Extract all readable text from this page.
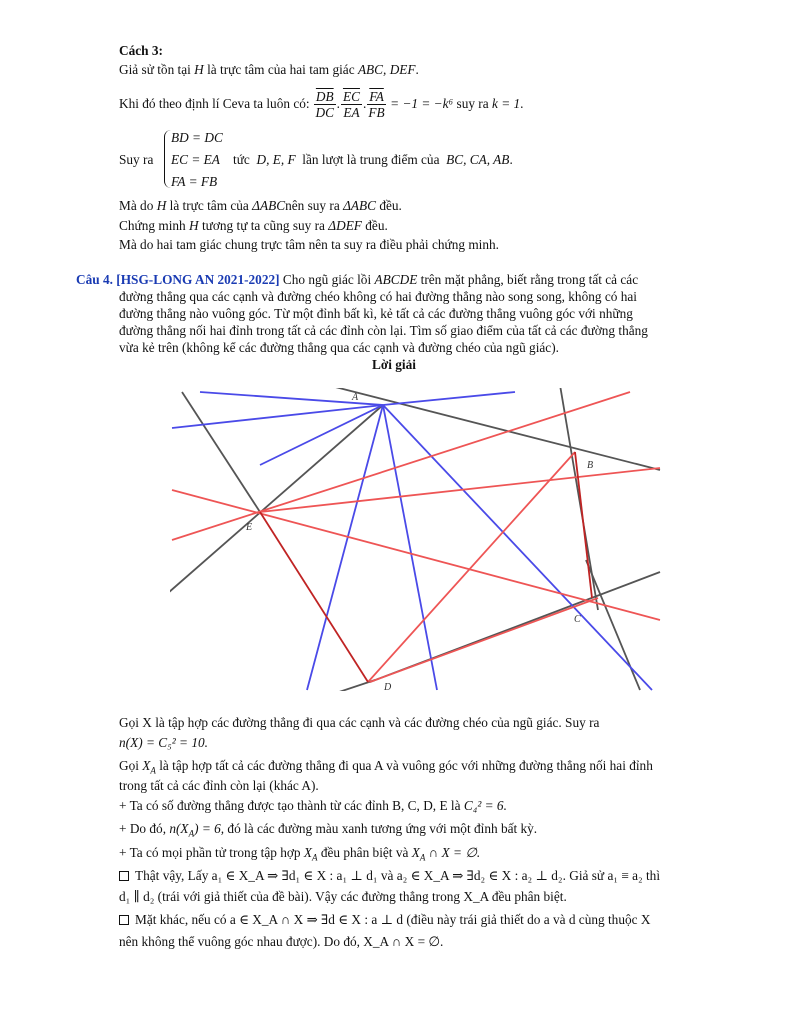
Cách 3:
Giả sử tồn tại H là trực tâm của hai tam giác ABC, DEF.
Khi đó theo định lí Ceva ta luôn có: $\frac{\overline{DB}}{DC}$ . $\frac{\overline{EC}}{EA}$ . $\frac{\overline{FA}}{FB} = -1 = -k^6$ suy ra k = 1.
Suy ra
BD = DC
EC = EA
FA = FB
tức D, E, F lần lượt là trung điểm của BC, CA, AB.
Mà do H là trực tâm của ΔABCnên suy ra ΔABC đều.
Chứng minh H tương tự ta cũng suy ra ΔDEF đều.
Mà do hai tam giác chung trực tâm nên ta suy ra điều phải chứng minh.
Câu 4. [HSG-LONG AN 2021-2022] Cho ngũ giác lồi ABCDE trên mặt phẳng, biết rằng trong tất cả các
đường thẳng qua các cạnh và đường chéo không có hai đường thẳng nào song song, không có hai
đường thẳng nào vuông góc. Từ một đỉnh bất kì, kẻ tất cả các đường thẳng vuông góc với những
đường thẳng nối hai đỉnh trong tất cả các đỉnh còn lại. Tìm số giao điểm của tất cả các đường thẳng
vừa kẻ trên (không kể các đường thẳng qua các cạnh và đường chéo của ngũ giác).
Lời giải
A
B
C
D
E
Gọi X là tập hợp các đường thẳng đi qua các cạnh và các đường chéo của ngũ giác. Suy ra
n(X) = C₅² = 10.
Gọi $X_A$ là tập hợp tất cả các đường thẳng đi qua A và vuông góc với những đường thẳng nối hai đỉnh
trong tất cả các đỉnh còn lại (khác A).
+ Ta có số đường thẳng được tạo thành từ các đỉnh B, C, D, E là C₄² = 6.
+ Do đó, $n(X_A) = 6$, đó là các đường màu xanh tương ứng với một đỉnh bất kỳ.
+ Ta có mọi phần tử trong tập hợp $X_A$ đều phân biệt và $X_A$ ∩ X = ∅.
Thật vậy, Lấy a₁ ∈ X_A ⇒ ∃d₁ ∈ X : a₁ ⊥ d₁ và a₂ ∈ X_A ⇒ ∃d₂ ∈ X : a₂ ⊥ d₂. Giả sử a₁ ≡ a₂ thì
d₁ ∥ d₂ (trái với giả thiết của đề bài). Vậy các đường thẳng trong X_A đều phân biệt.
Mặt khác, nếu có a ∈ X_A ∩ X ⇒ ∃d ∈ X : a ⊥ d (điều này trái giả thiết do a và d cùng thuộc X
nên không thể vuông góc nhau được). Do đó, X_A ∩ X = ∅.
